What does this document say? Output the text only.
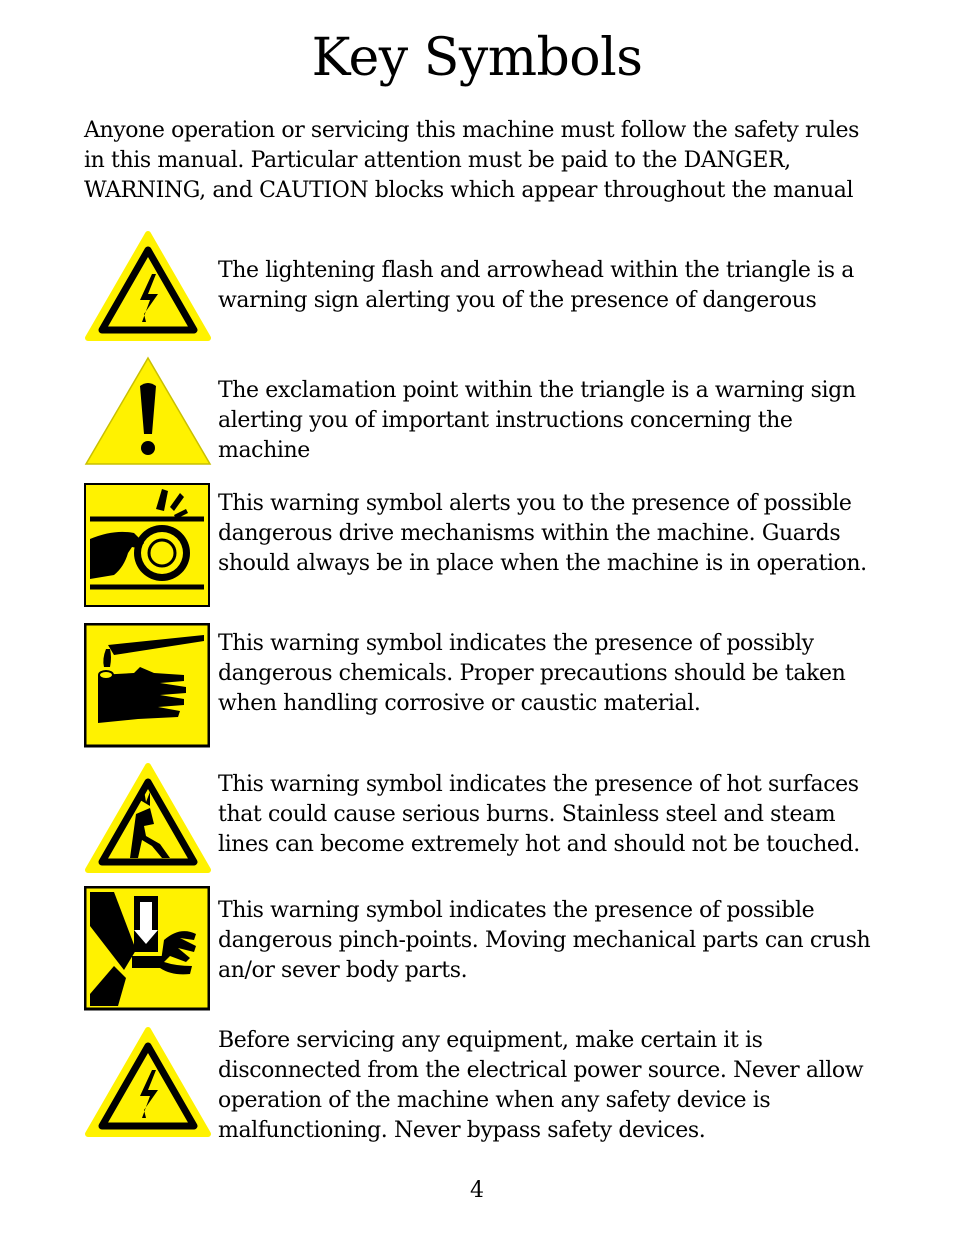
Key Symbols
Anyone operation or servicing this machine must follow the safety rules in this manual. Particular attention must be paid to the DANGER, WARNING, and CAUTION blocks which appear throughout the manual
The lightening flash and arrowhead within the triangle is a warning sign alerting you of the presence of dangerous
The exclamation point within the triangle is a warning sign alerting you of important instructions concerning the machine
This warning symbol alerts you to the presence of possible dangerous drive mechanisms within the machine. Guards should always be in place when the machine is in operation.
This warning symbol indicates the presence of possibly dangerous chemicals. Proper precautions should be taken when handling corrosive or caustic material.
This warning symbol indicates the presence of hot surfaces that could cause serious burns. Stainless steel and steam lines can become extremely hot and should not be touched.
This warning symbol indicates the presence of possible dangerous pinch-points. Moving mechanical parts can crush an/or sever body parts.
Before servicing any equipment, make certain it is disconnected from the electrical power source. Never allow operation of the machine when any safety device is malfunctioning. Never bypass safety devices.
4
